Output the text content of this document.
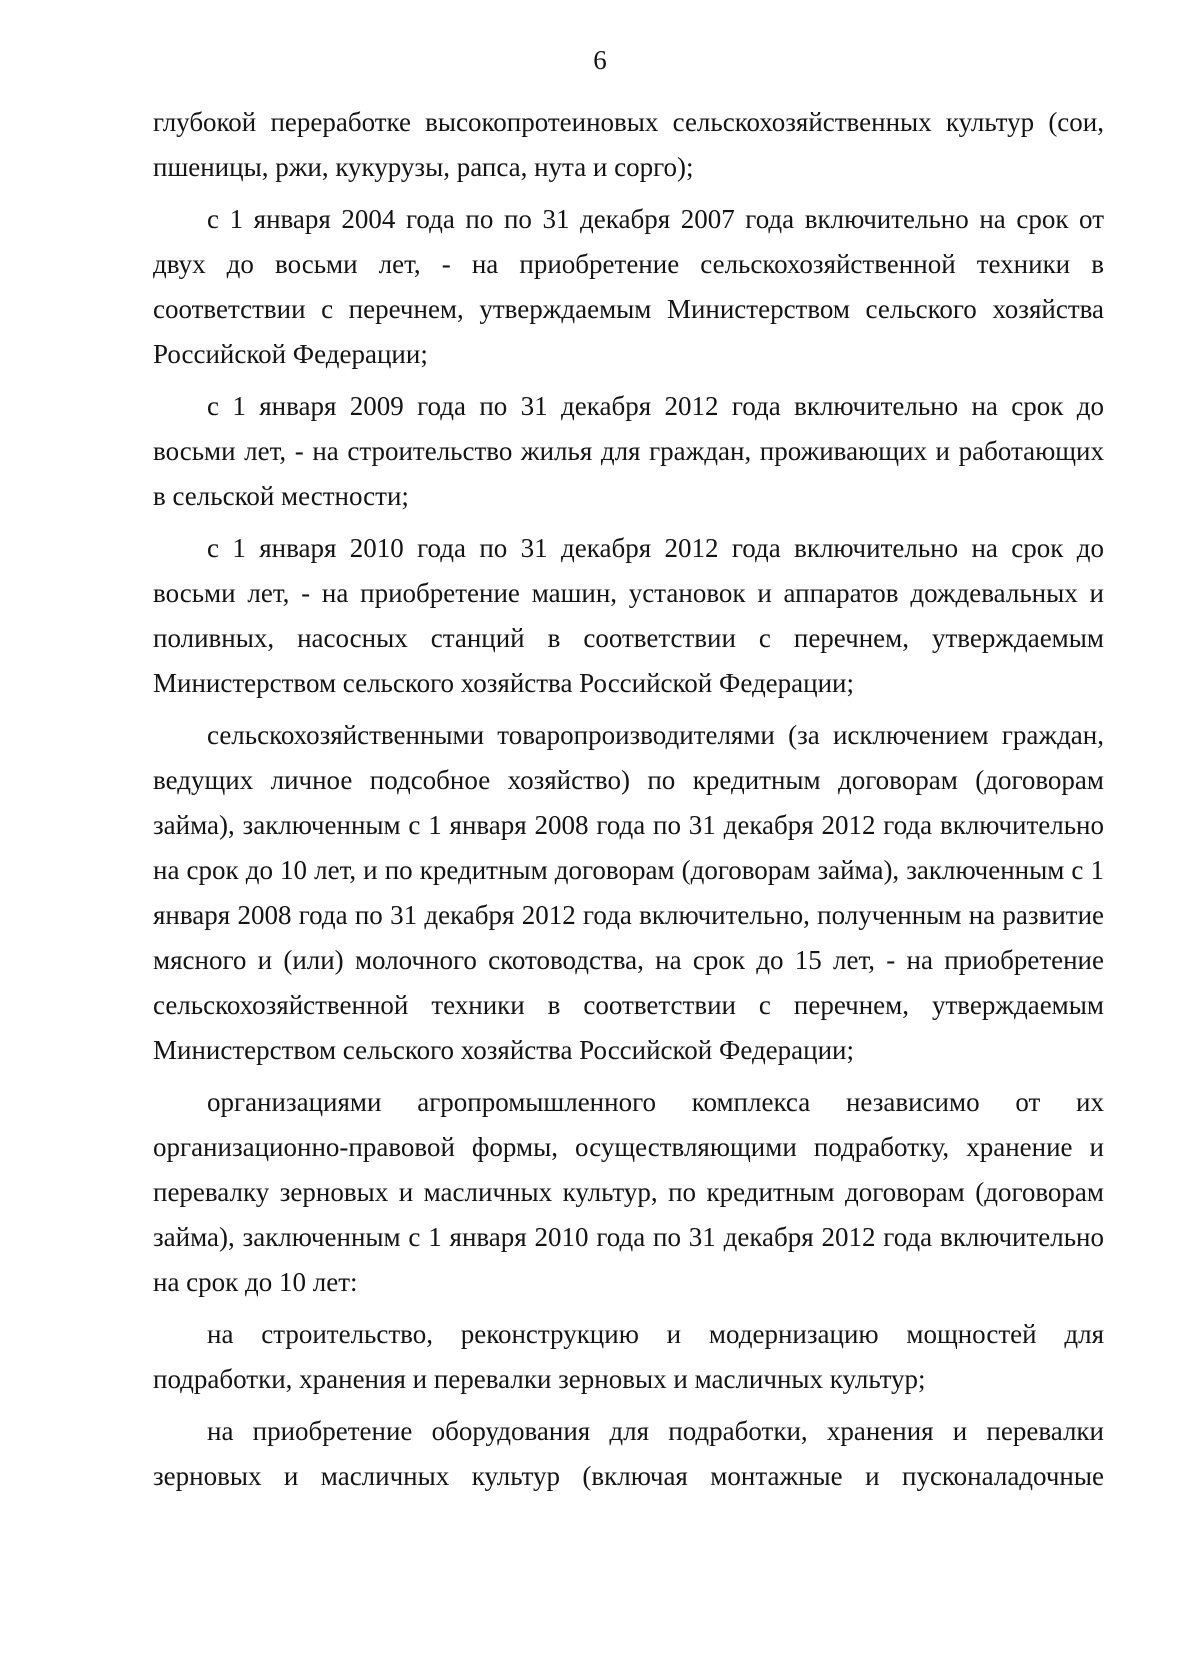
6

глубокой переработке высокопротеиновых сельскохозяйственных культур (сои, пшеницы, ржи, кукурузы, рапса, нута и сорго);

с 1 января 2004 года по по 31 декабря 2007 года включительно на срок от двух до восьми лет, - на приобретение сельскохозяйственной техники в соответствии с перечнем, утверждаемым Министерством сельского хозяйства Российской Федерации;

с 1 января 2009 года по 31 декабря 2012 года включительно на срок до восьми лет, - на строительство жилья для граждан, проживающих и работающих в сельской местности;

с 1 января 2010 года по 31 декабря 2012 года включительно на срок до восьми лет, - на приобретение машин, установок и аппаратов дождевальных и поливных, насосных станций в соответствии с перечнем, утверждаемым Министерством сельского хозяйства Российской Федерации;

сельскохозяйственными товаропроизводителями (за исключением граждан, ведущих личное подсобное хозяйство) по кредитным договорам (договорам займа), заключенным с 1 января 2008 года по 31 декабря 2012 года включительно на срок до 10 лет, и по кредитным договорам (договорам займа), заключенным с 1 января 2008 года по 31 декабря 2012 года включительно, полученным на развитие мясного и (или) молочного скотоводства, на срок до 15 лет, - на приобретение сельскохозяйственной техники в соответствии с перечнем, утверждаемым Министерством сельского хозяйства Российской Федерации;

организациями агропромышленного комплекса независимо от их организационно-правовой формы, осуществляющими подработку, хранение и перевалку зерновых и масличных культур, по кредитным договорам (договорам займа), заключенным с 1 января 2010 года по 31 декабря 2012 года включительно на срок до 10 лет:

на строительство, реконструкцию и модернизацию мощностей для подработки, хранения и перевалки зерновых и масличных культур;

на приобретение оборудования для подработки, хранения и перевалки зерновых и масличных культур (включая монтажные и пусконаладочные
